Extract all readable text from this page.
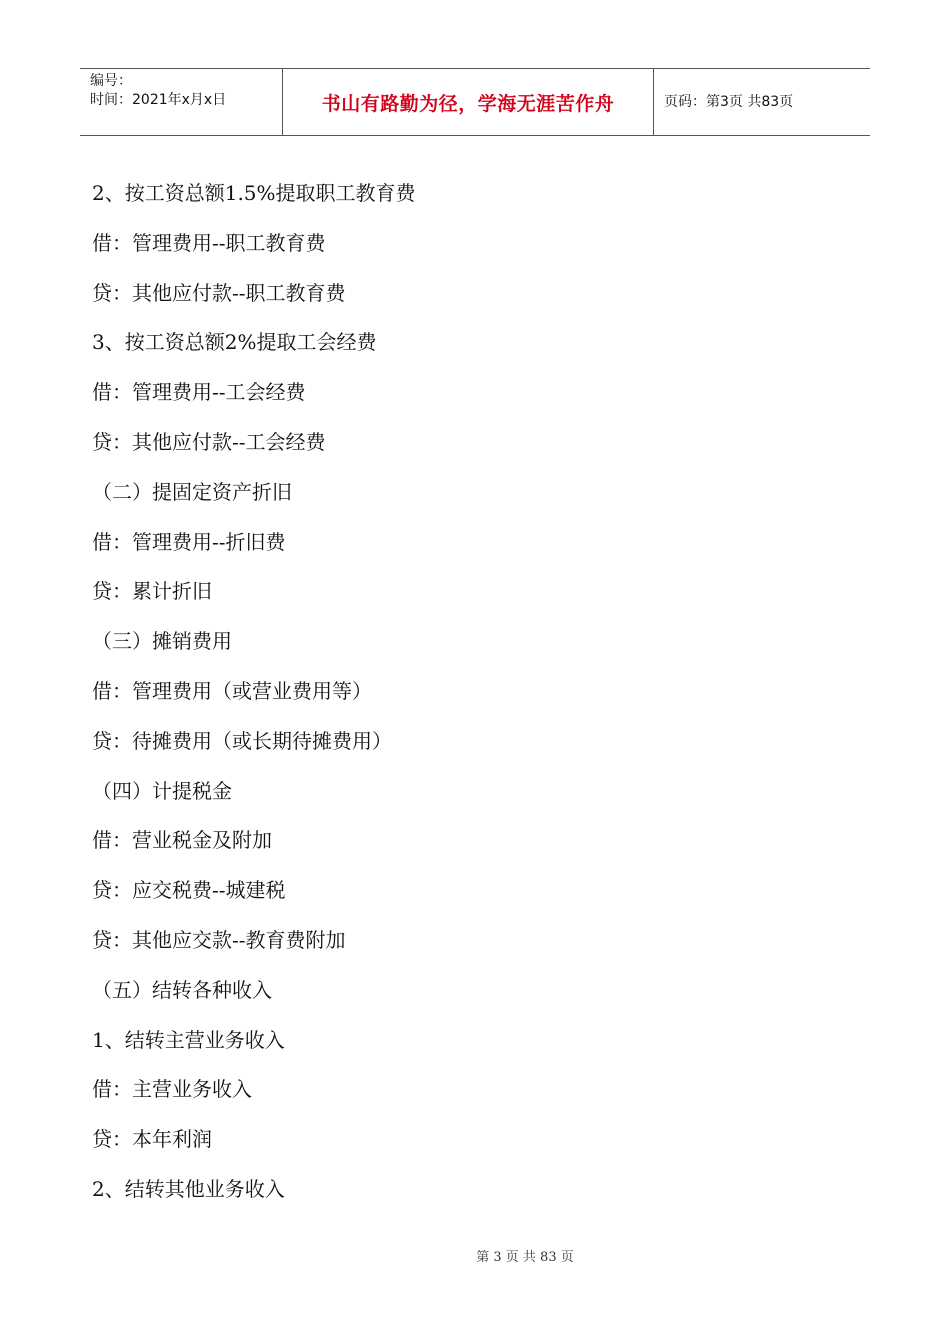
编号：
时间：2021年x月x日	书山有路勤为径，学海无涯苦作舟	页码：第3页 共83页
2、按工资总额1.5%提取职工教育费
借：管理费用--职工教育费
贷：其他应付款--职工教育费
3、按工资总额2%提取工会经费
借：管理费用--工会经费
贷：其他应付款--工会经费
（二）提固定资产折旧
借：管理费用--折旧费
贷：累计折旧
（三）摊销费用
借：管理费用（或营业费用等）
贷：待摊费用（或长期待摊费用）
（四）计提税金
借：营业税金及附加
贷：应交税费--城建税
贷：其他应交款--教育费附加
（五）结转各种收入
1、结转主营业务收入
借：主营业务收入
贷：本年利润
2、结转其他业务收入
第 3 页 共 83 页
